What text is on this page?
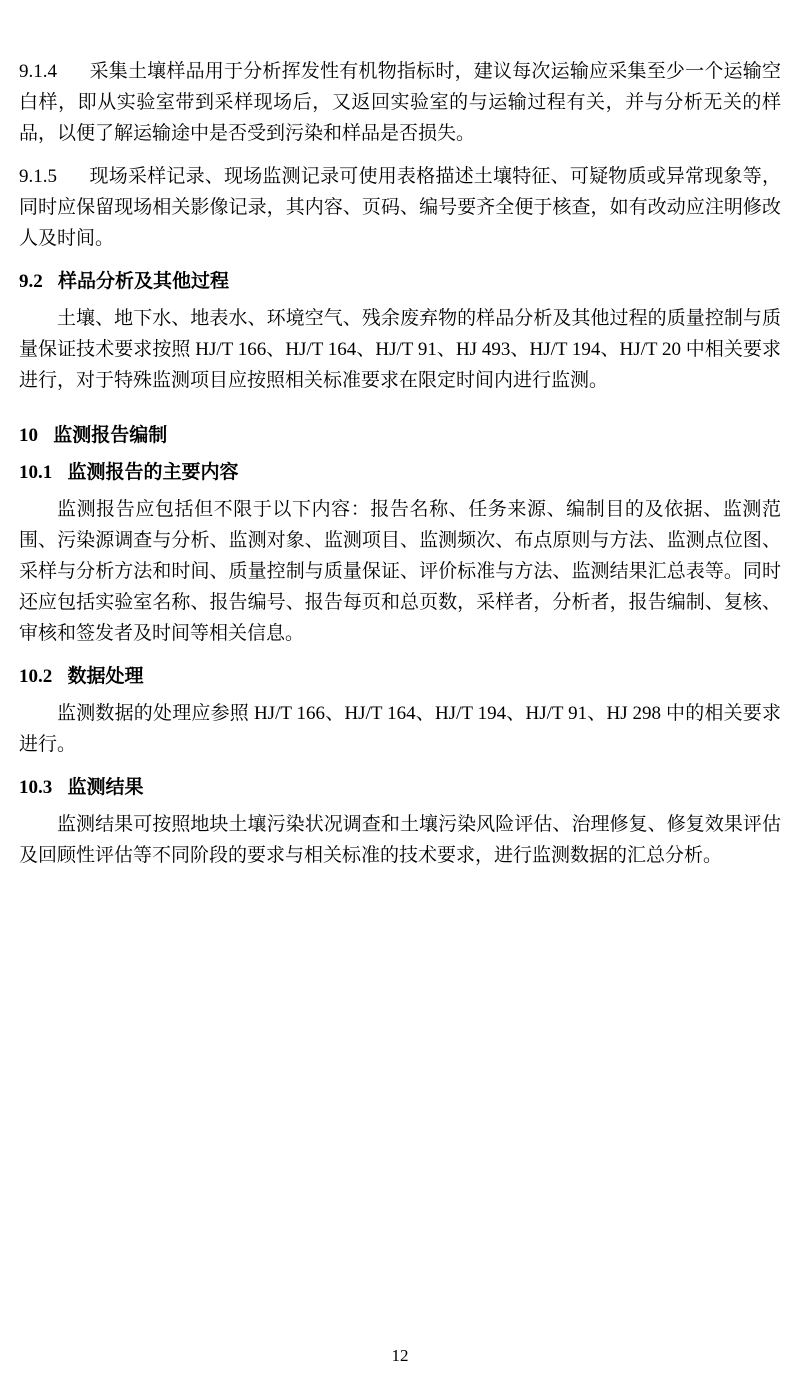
9.1.4 采集土壤样品用于分析挥发性有机物指标时，建议每次运输应采集至少一个运输空白样，即从实验室带到采样现场后，又返回实验室的与运输过程有关，并与分析无关的样品，以便了解运输途中是否受到污染和样品是否损失。

9.1.5 现场采样记录、现场监测记录可使用表格描述土壤特征、可疑物质或异常现象等，同时应保留现场相关影像记录，其内容、页码、编号要齐全便于核查，如有改动应注明修改人及时间。

9.2 样品分析及其他过程

土壤、地下水、地表水、环境空气、残余废弃物的样品分析及其他过程的质量控制与质量保证技术要求按照 HJ/T 166、HJ/T 164、HJ/T 91、HJ 493、HJ/T 194、HJ/T 20 中相关要求进行，对于特殊监测项目应按照相关标准要求在限定时间内进行监测。

10 监测报告编制
10.1 监测报告的主要内容

监测报告应包括但不限于以下内容：报告名称、任务来源、编制目的及依据、监测范围、污染源调查与分析、监测对象、监测项目、监测频次、布点原则与方法、监测点位图、采样与分析方法和时间、质量控制与质量保证、评价标准与方法、监测结果汇总表等。同时还应包括实验室名称、报告编号、报告每页和总页数，采样者，分析者，报告编制、复核、审核和签发者及时间等相关信息。

10.2 数据处理

监测数据的处理应参照 HJ/T 166、HJ/T 164、HJ/T 194、HJ/T 91、HJ 298 中的相关要求进行。

10.3 监测结果

监测结果可按照地块土壤污染状况调查和土壤污染风险评估、治理修复、修复效果评估及回顾性评估等不同阶段的要求与相关标准的技术要求，进行监测数据的汇总分析。

12
